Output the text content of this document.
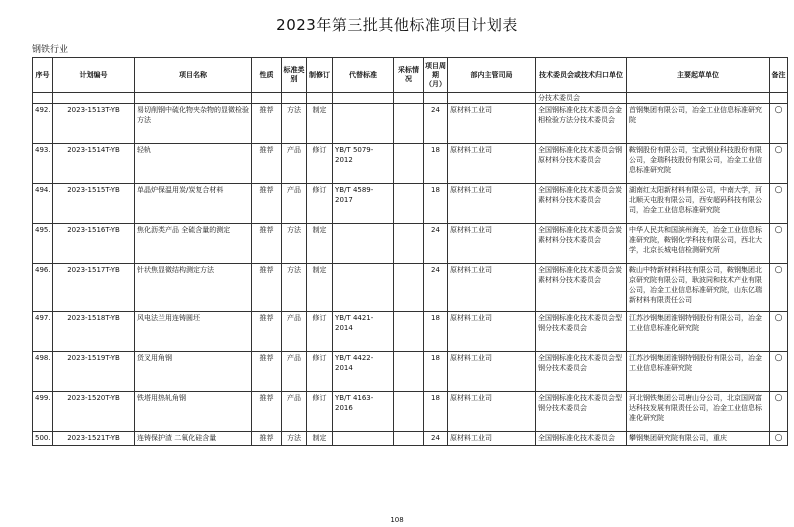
2023年第三批其他标准项目计划表
钢铁行业
序号	计划编号	项目名称	性质	标准类别	制修订	代替标准	采标情况	项目周期（月）	部内主管司局	技术委员会或技术归口单位	主要起草单位	备注
										分技术委员会		
492.	2023-1513T-YB	易切削钢中硫化物夹杂物的显微检验方法	推荐	方法	制定			24	原材料工业司	全国钢标准化技术委员会金相检验方法分技术委员会	首钢集团有限公司，冶金工业信息标准研究院	○
493.	2023-1514T-YB	轻轨	推荐	产品	修订	YB/T 5079-2012		18	原材料工业司	全国钢标准化技术委员会钢原材料分技术委员会	鞍钢股份有限公司，宝武钢业科技股份有限公司，金瑞科技股份有限公司，冶金工业信息标准研究院	○
494.	2023-1515T-YB	单晶炉保温用炭/炭复合材料	推荐	产品	修订	YB/T 4589-2017		18	原材料工业司	全国钢标准化技术委员会炭素材料分技术委员会	湖南红太阳新材料有限公司，中南大学，河北顺天屯股有限公司，西安超码科技有限公司，冶金工业信息标准研究院	○
495.	2023-1516T-YB	焦化沥类产品 全硫含量的测定	推荐	方法	制定			24	原材料工业司	全国钢标准化技术委员会炭素材料分技术委员会	中华人民共和国滨州海关，冶金工业信息标准研究院，鞍钢化学科技有限公司，西北大学，北京长城电信检测研究所	○
496.	2023-1517T-YB	针状焦显微结构测定方法	推荐	方法	制定			24	原材料工业司	全国钢标准化技术委员会炭素材料分技术委员会	鞍山中特新材料科技有限公司，鞍钢集团北京研究院有限公司，耿波同和技术产业有限公司，冶金工业信息标准研究院，山东亿瑞新材料有限责任公司	○
497.	2023-1518T-YB	风电法兰用连铸圆坯	推荐	产品	修订	YB/T 4421-2014		18	原材料工业司	全国钢标准化技术委员会型钢分技术委员会	江苏沙钢集团淮钢特钢股份有限公司，冶金工业信息标准化研究院	○
498.	2023-1519T-YB	货叉用角钢	推荐	产品	修订	YB/T 4422-2014		18	原材料工业司	全国钢标准化技术委员会型钢分技术委员会	江苏沙钢集团淮钢特钢股份有限公司，冶金工业信息标准研究院	○
499.	2023-1520T-YB	铁塔用热轧角钢	推荐	产品	修订	YB/T 4163-2016		18	原材料工业司	全国钢标准化技术委员会型钢分技术委员会	河北钢铁集团公司唐山分公司，北京国网富达科技发展有限责任公司，冶金工业信息标准化研究院	○
500.	2023-1521T-YB	连铸保护渣 二氧化硅含量	推荐	方法	制定			24	原材料工业司	全国钢标准化技术委员会	攀钢集团研究院有限公司，重庆	○
108
